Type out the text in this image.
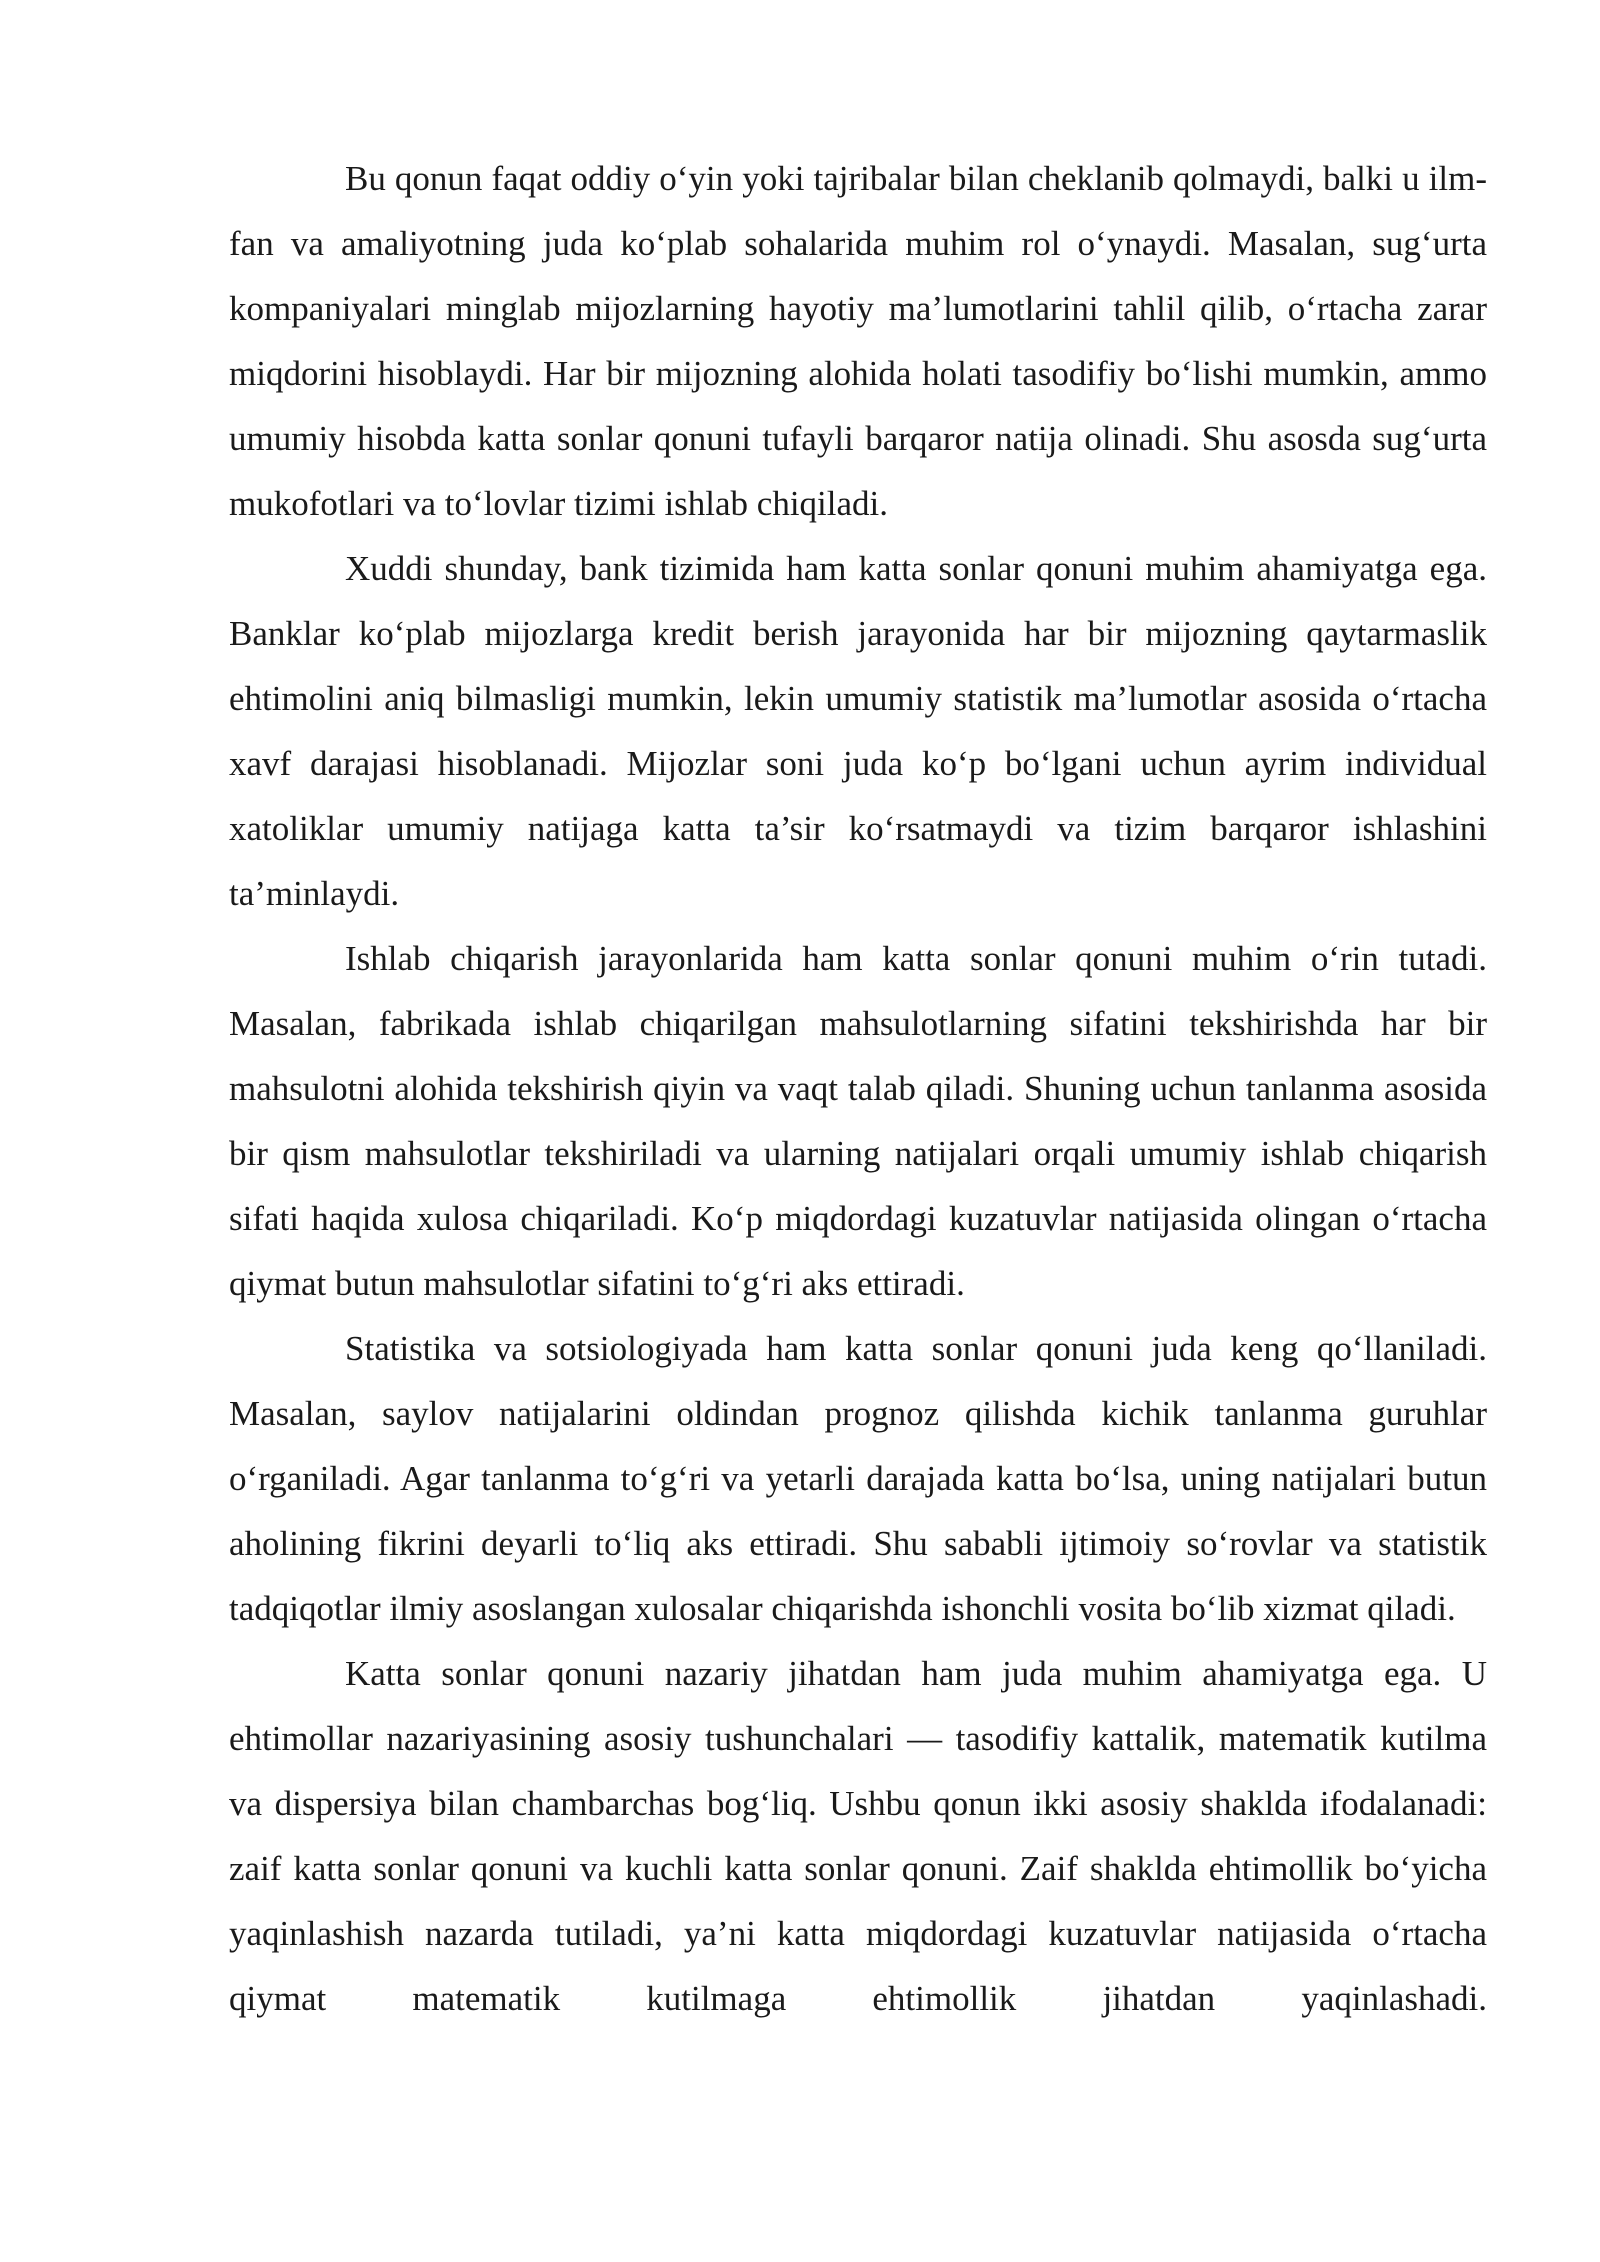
Bu qonun faqat oddiy o‘yin yoki tajribalar bilan cheklanib qolmaydi, balki u ilm-fan va amaliyotning juda ko‘plab sohalarida muhim rol o‘ynaydi. Masalan, sug‘urta kompaniyalari minglab mijozlarning hayotiy ma’lumotlarini tahlil qilib, o‘rtacha zarar miqdorini hisoblaydi. Har bir mijozning alohida holati tasodifiy bo‘lishi mumkin, ammo umumiy hisobda katta sonlar qonuni tufayli barqaror natija olinadi. Shu asosda sug‘urta mukofotlari va to‘lovlar tizimi ishlab chiqiladi.

Xuddi shunday, bank tizimida ham katta sonlar qonuni muhim ahamiyatga ega. Banklar ko‘plab mijozlarga kredit berish jarayonida har bir mijozning qaytarmaslik ehtimolini aniq bilmasligi mumkin, lekin umumiy statistik ma’lumotlar asosida o‘rtacha xavf darajasi hisoblanadi. Mijozlar soni juda ko‘p bo‘lgani uchun ayrim individual xatoliklar umumiy natijaga katta ta’sir ko‘rsatmaydi va tizim barqaror ishlashini ta’minlaydi.

Ishlab chiqarish jarayonlarida ham katta sonlar qonuni muhim o‘rin tutadi. Masalan, fabrikada ishlab chiqarilgan mahsulotlarning sifatini tekshirishda har bir mahsulotni alohida tekshirish qiyin va vaqt talab qiladi. Shuning uchun tanlanma asosida bir qism mahsulotlar tekshiriladi va ularning natijalari orqali umumiy ishlab chiqarish sifati haqida xulosa chiqariladi. Ko‘p miqdordagi kuzatuvlar natijasida olingan o‘rtacha qiymat butun mahsulotlar sifatini to‘g‘ri aks ettiradi.

Statistika va sotsiologiyada ham katta sonlar qonuni juda keng qo‘llaniladi. Masalan, saylov natijalarini oldindan prognoz qilishda kichik tanlanma guruhlar o‘rganiladi. Agar tanlanma to‘g‘ri va yetarli darajada katta bo‘lsa, uning natijalari butun aholining fikrini deyarli to‘liq aks ettiradi. Shu sababli ijtimoiy so‘rovlar va statistik tadqiqotlar ilmiy asoslangan xulosalar chiqarishda ishonchli vosita bo‘lib xizmat qiladi.

Katta sonlar qonuni nazariy jihatdan ham juda muhim ahamiyatga ega. U ehtimollar nazariyasining asosiy tushunchalari — tasodifiy kattalik, matematik kutilma va dispersiya bilan chambarchas bog‘liq. Ushbu qonun ikki asosiy shaklda ifodalanadi: zaif katta sonlar qonuni va kuchli katta sonlar qonuni. Zaif shaklda ehtimollik bo‘yicha yaqinlashish nazarda tutiladi, ya’ni katta miqdordagi kuzatuvlar natijasida o‘rtacha qiymat matematik kutilmaga ehtimollik jihatdan yaqinlashadi.
